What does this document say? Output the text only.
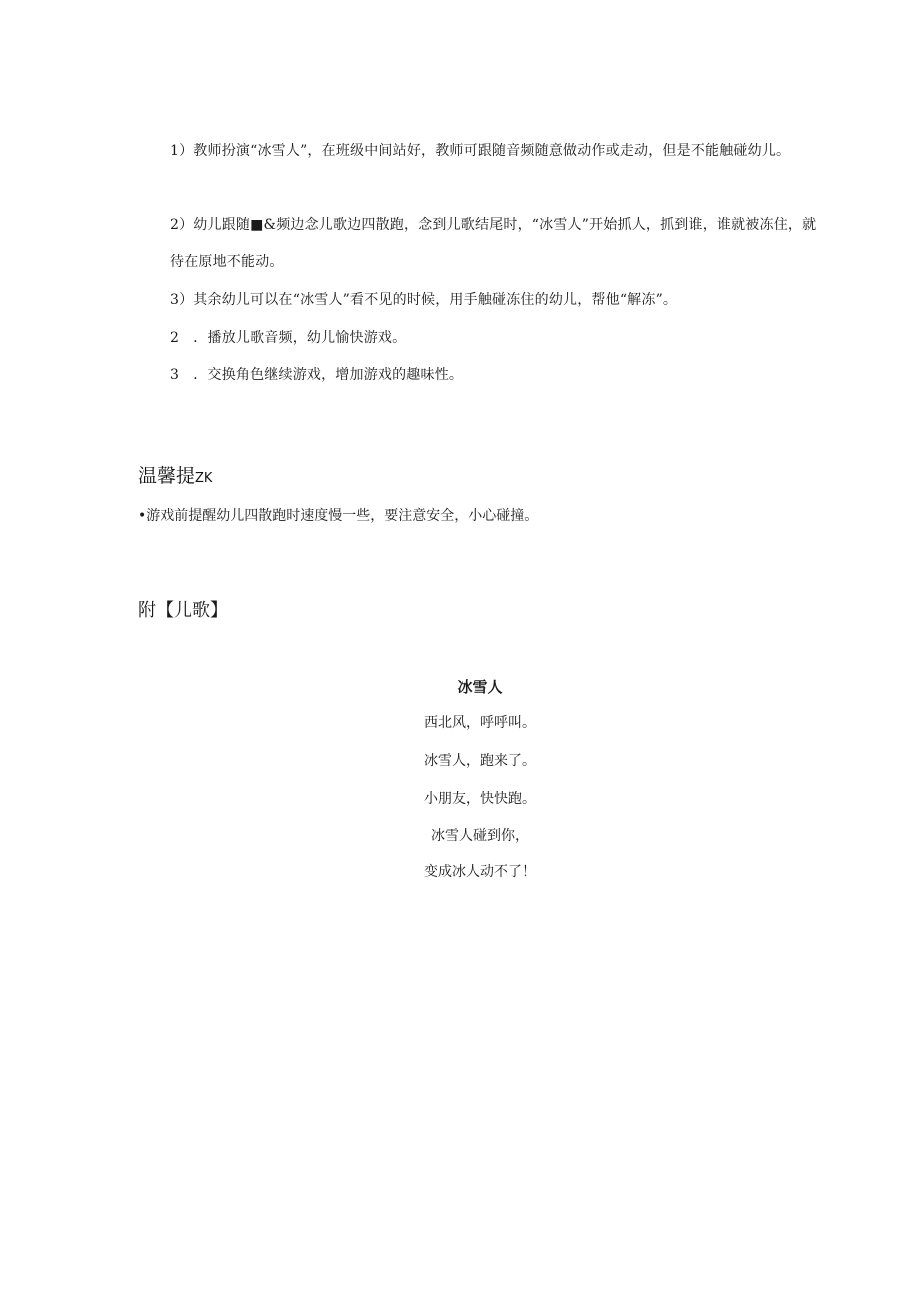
1）教师扮演“冰雪人”，在班级中间站好，教师可跟随音频随意做动作或走动，但是不能触碰幼儿。
2）幼儿跟随■&频边念儿歌边四散跑，念到儿歌结尾时，“冰雪人”开始抓人，抓到谁，谁就被冻住，就待在原地不能动。
3）其余幼儿可以在“冰雪人”看不见的时候，用手触碰冻住的幼儿，帮他“解冻”。
2　．播放儿歌音频，幼儿愉快游戏。
3　．交换角色继续游戏，增加游戏的趣味性。
温馨提ZK
•游戏前提醒幼儿四散跑时速度慢一些，要注意安全，小心碰撞。
附【儿歌】
冰雪人
西北风，呼呼叫。
冰雪人，跑来了。
小朋友，快快跑。
冰雪人碰到你，
变成冰人动不了！
